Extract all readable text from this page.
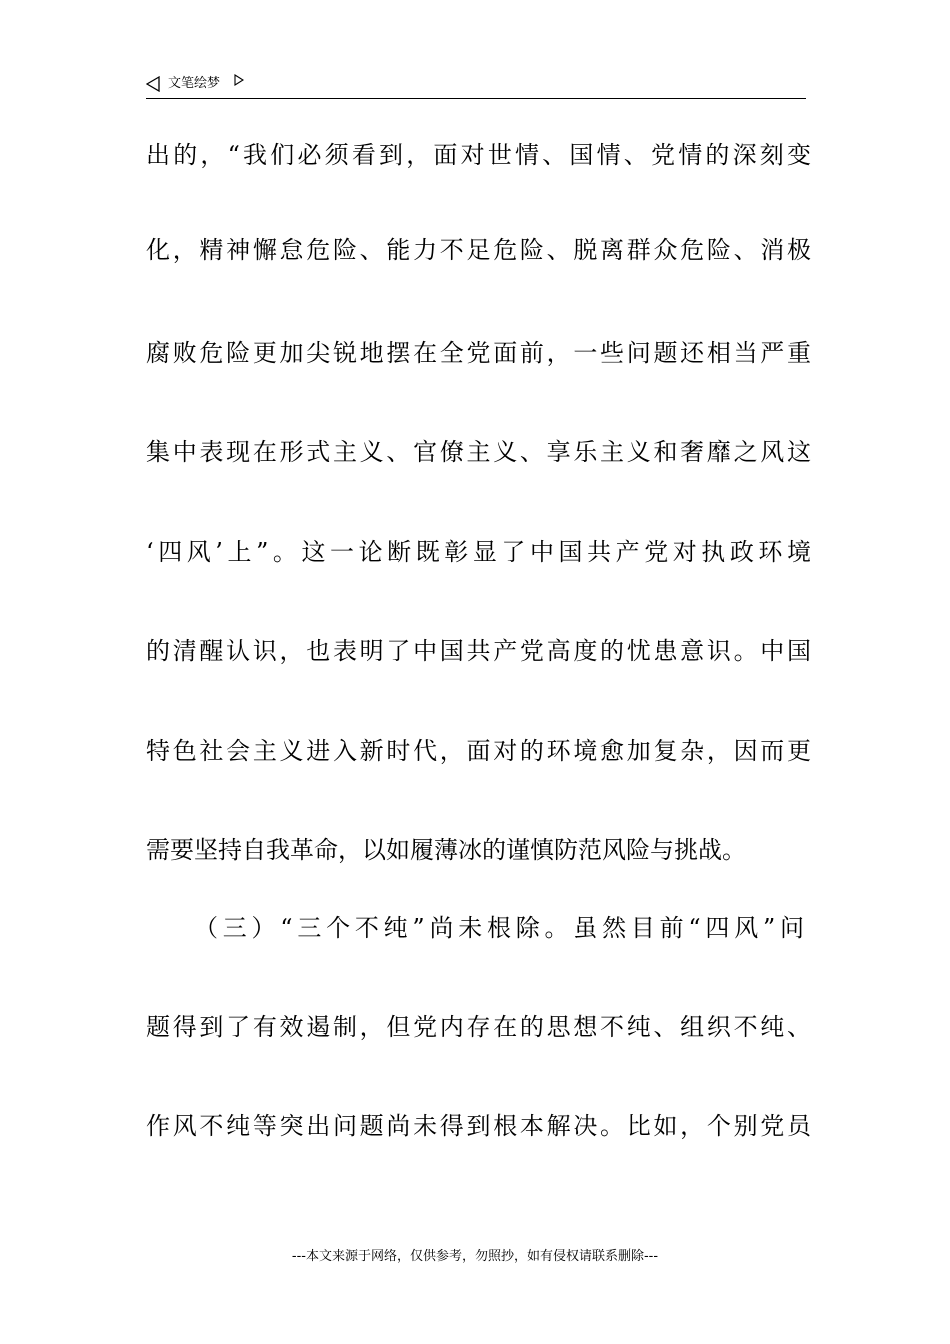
文笔绘梦
出的，“我们必须看到，面对世情、国情、党情的深刻变
化，精神懈怠危险、能力不足危险、脱离群众危险、消极
腐败危险更加尖锐地摆在全党面前，一些问题还相当严重
集中表现在形式主义、官僚主义、享乐主义和奢靡之风这
‘四风’上”。这一论断既彰显了中国共产党对执政环境
的清醒认识，也表明了中国共产党高度的忧患意识。中国
特色社会主义进入新时代，面对的环境愈加复杂，因而更
需要坚持自我革命，以如履薄冰的谨慎防范风险与挑战。
（三）“三个不纯”尚未根除。虽然目前“四风”问
题得到了有效遏制，但党内存在的思想不纯、组织不纯、
作风不纯等突出问题尚未得到根本解决。比如，个别党员
---本文来源于网络，仅供参考，勿照抄，如有侵权请联系删除---
